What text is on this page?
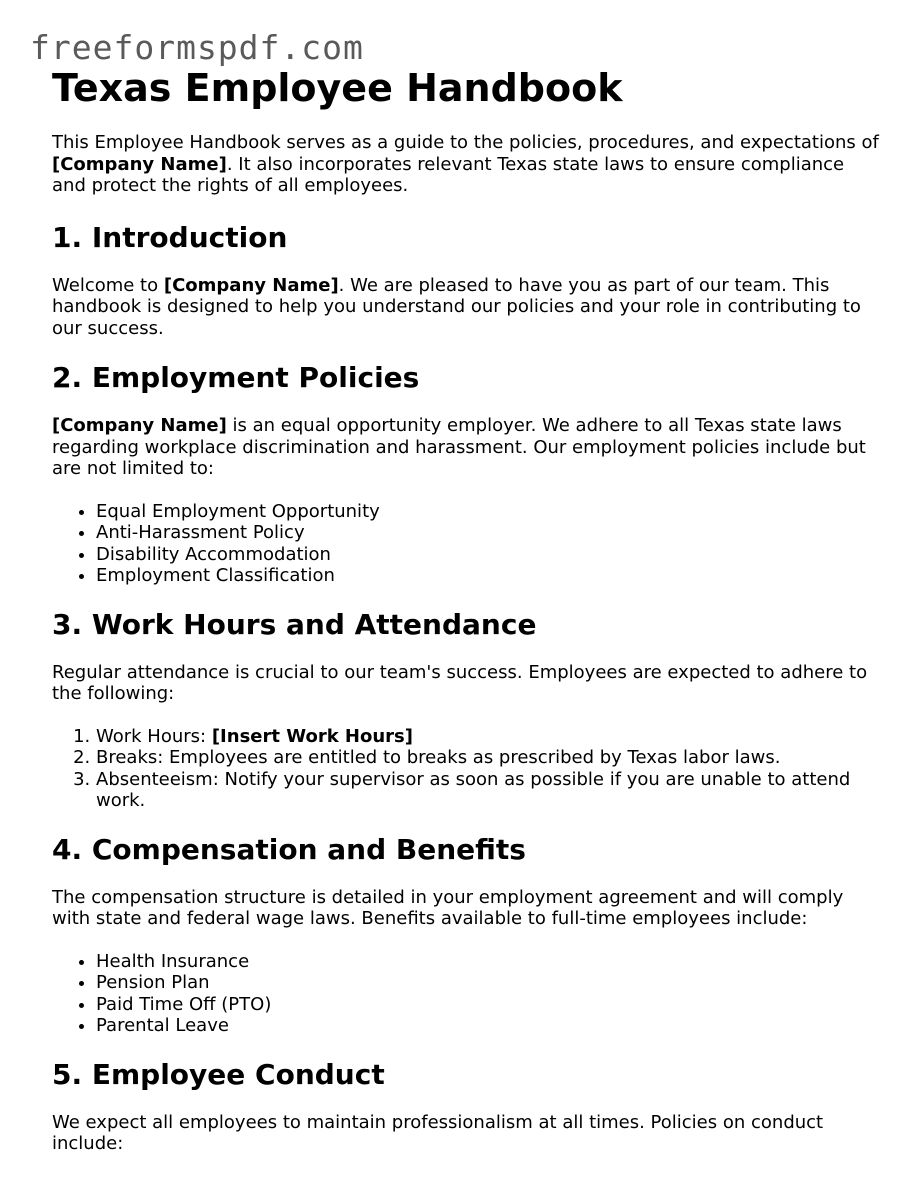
freeformspdf.com
Texas Employee Handbook

This Employee Handbook serves as a guide to the policies, procedures, and expectations of [Company Name]. It also incorporates relevant Texas state laws to ensure compliance and protect the rights of all employees.

1. Introduction

Welcome to [Company Name]. We are pleased to have you as part of our team. This handbook is designed to help you understand our policies and your role in contributing to our success.

2. Employment Policies

[Company Name] is an equal opportunity employer. We adhere to all Texas state laws regarding workplace discrimination and harassment. Our employment policies include but are not limited to:

• Equal Employment Opportunity
• Anti-Harassment Policy
• Disability Accommodation
• Employment Classification
3. Work Hours and Attendance

Regular attendance is crucial to our team's success. Employees are expected to adhere to the following:

1. Work Hours: [Insert Work Hours]
2. Breaks: Employees are entitled to breaks as prescribed by Texas labor laws.
3. Absenteeism: Notify your supervisor as soon as possible if you are unable to attend work.
4. Compensation and Benefits

The compensation structure is detailed in your employment agreement and will comply with state and federal wage laws. Benefits available to full-time employees include:

• Health Insurance
• Pension Plan
• Paid Time Off (PTO)
• Parental Leave
5. Employee Conduct

We expect all employees to maintain professionalism at all times. Policies on conduct include:
